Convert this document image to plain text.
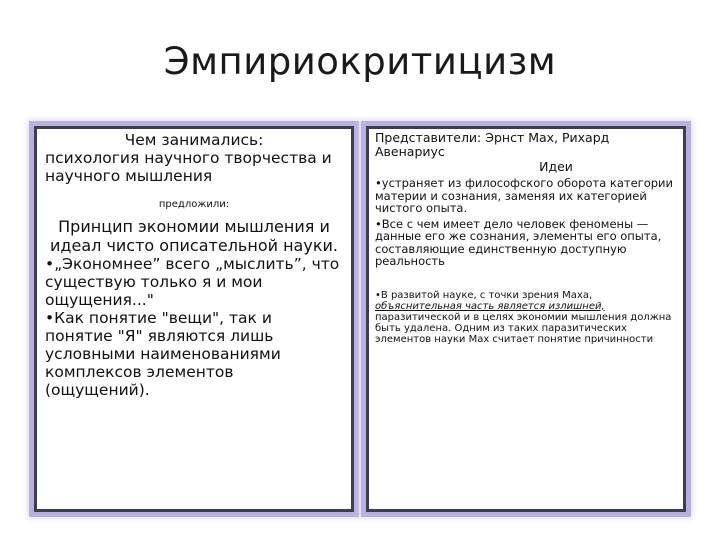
Эмпириокритицизм
Чем занимались:
психология научного творчества и научного мышления
предложили:
Принцип экономии мышления и идеал чисто описательной науки.
•„Экономнее” всего „мыслить”, что существую только я и мои ощущения..."
•Как понятие "вещи", так и понятие "Я" являются лишь условными наименованиями комплексов элементов (ощущений).
Представители: Эрнст Мах, Рихард Авенариус
Идеи
•устраняет из философского оборота категории материи и сознания, заменяя их категорией чистого опыта.
•Все с чем имеет дело человек феномены — данные его же сознания, элементы его опыта, составляющие единственную доступную реальность
•В развитой науке, с точки зрения Маха, объяснительная часть является излишней, паразитической и в целях экономии мышления должна быть удалена. Одним из таких паразитических элементов науки Мах считает понятие причинности
